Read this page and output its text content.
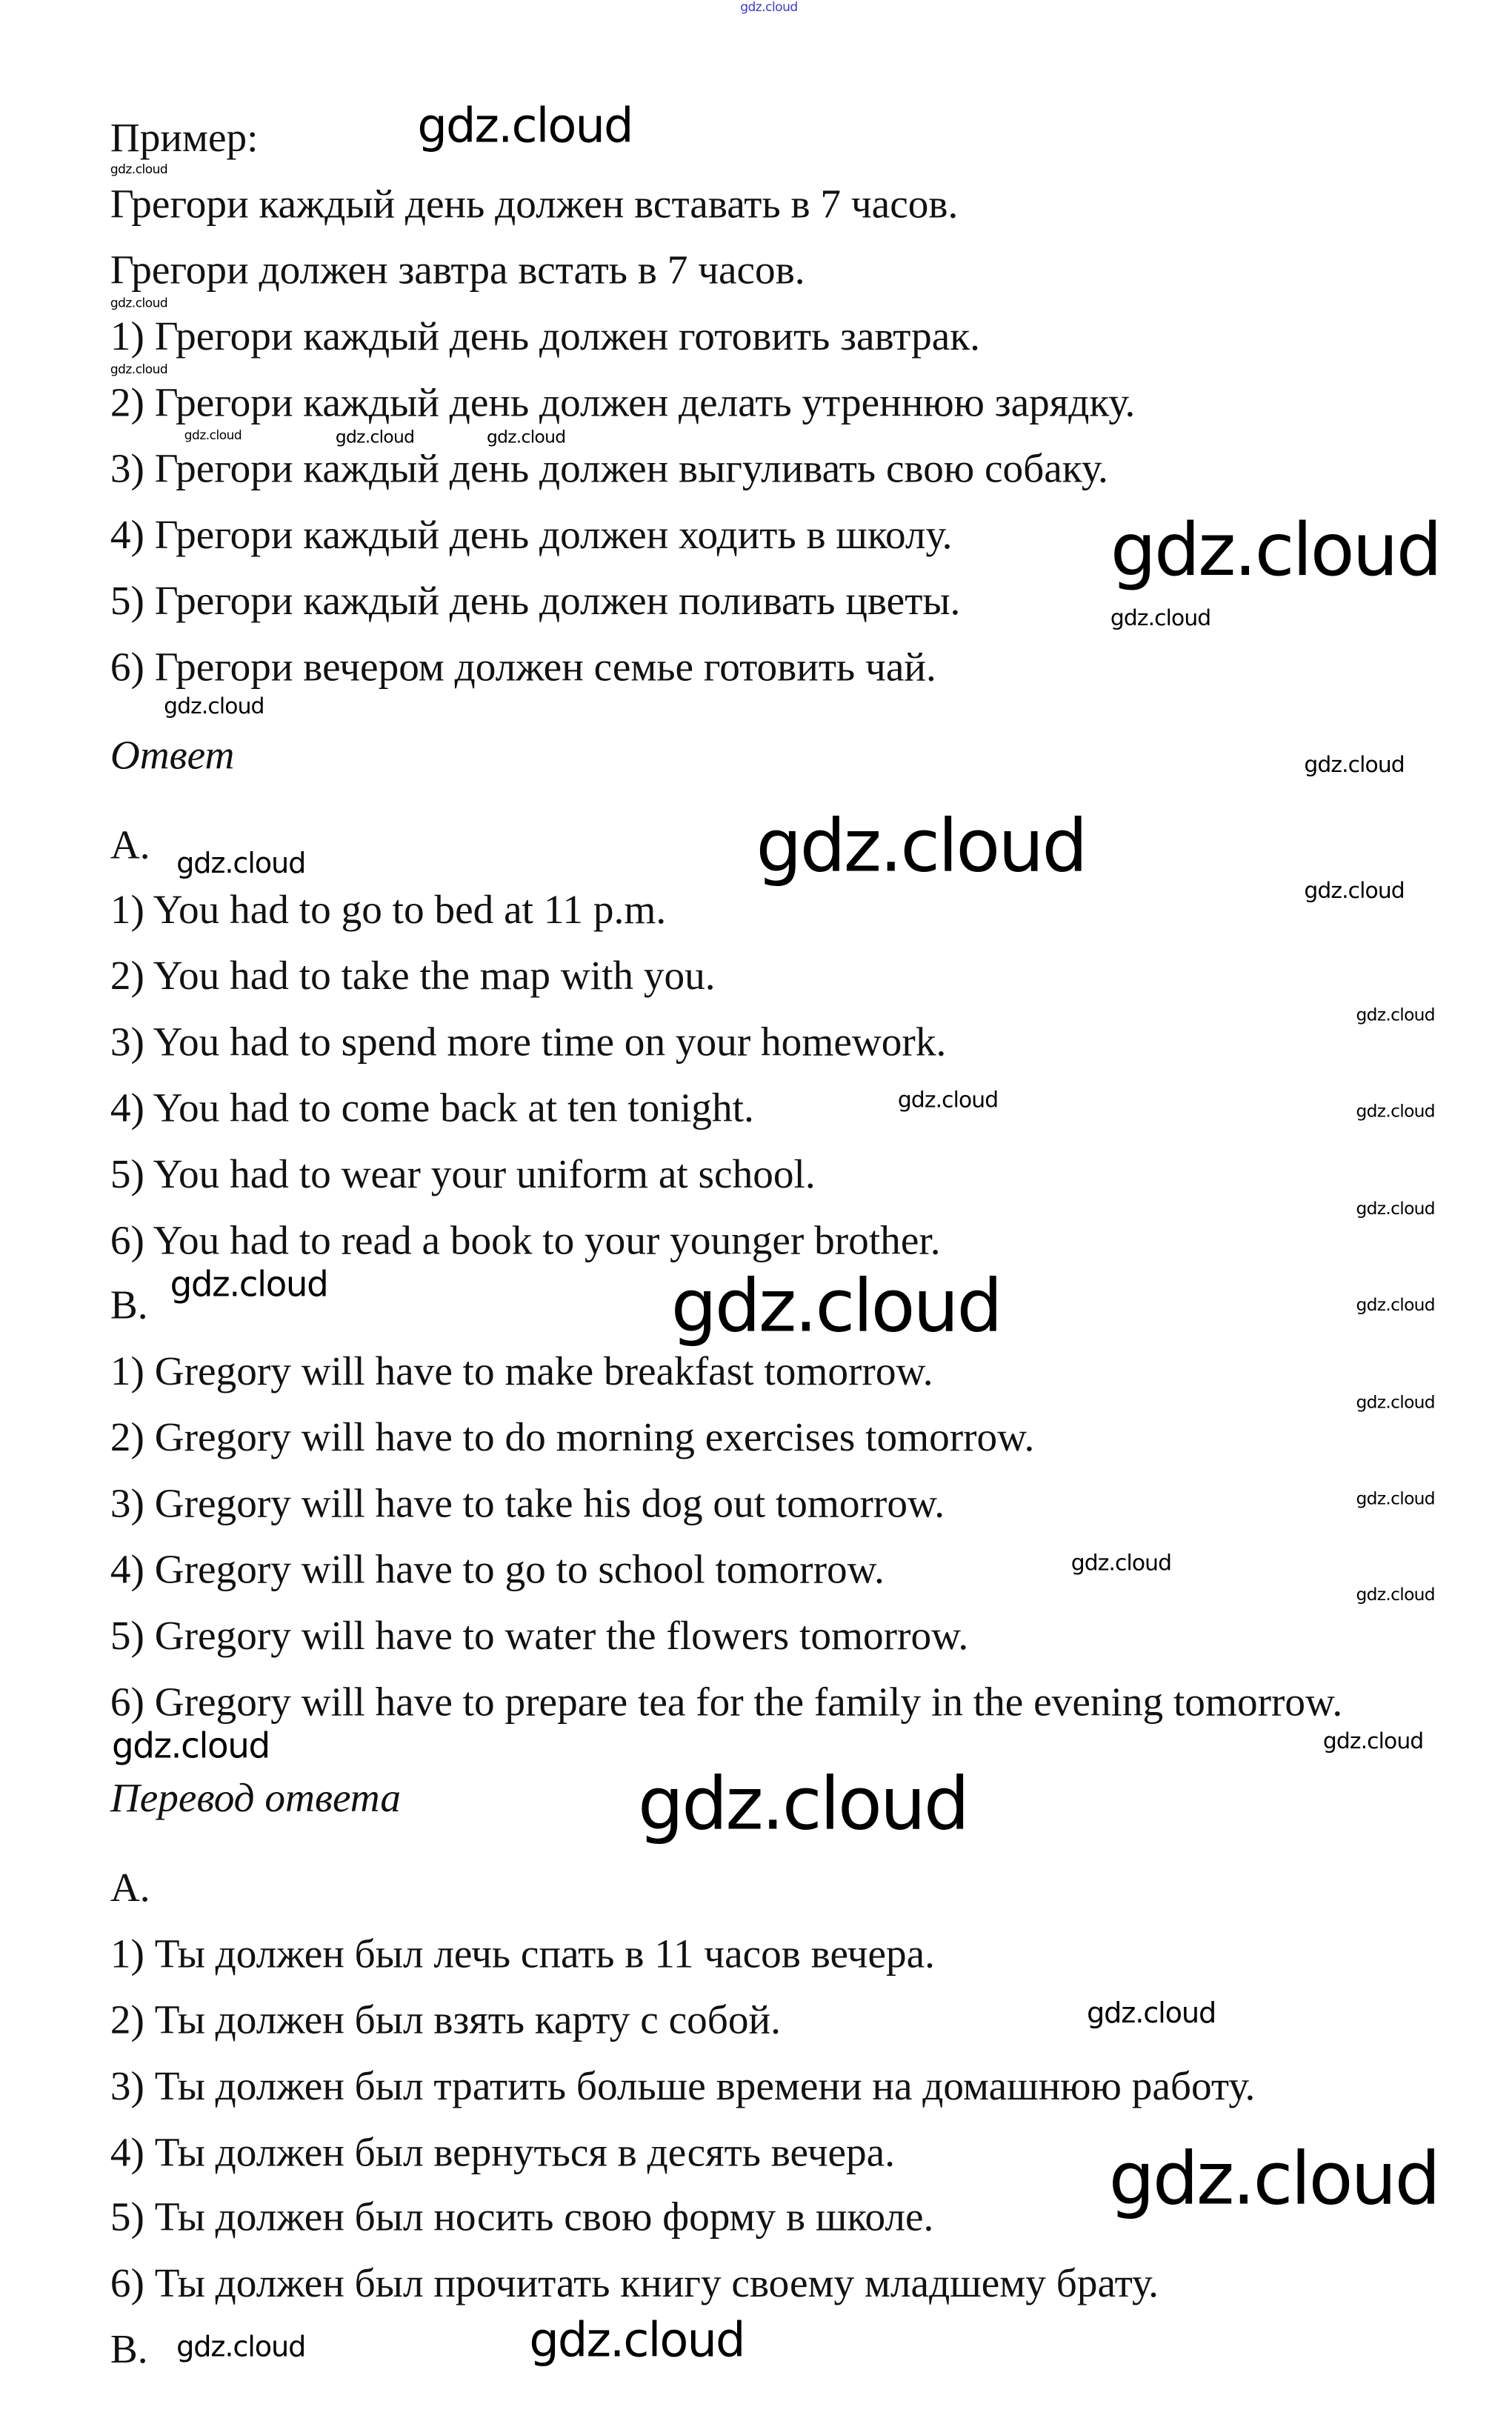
Пример:
Грегори каждый день должен вставать в 7 часов.
Грегори должен завтра встать в 7 часов.
1) Грегори каждый день должен готовить завтрак.
2) Грегори каждый день должен делать утреннюю зарядку.
3) Грегори каждый день должен выгуливать свою собаку.
4) Грегори каждый день должен ходить в школу.
5) Грегори каждый день должен поливать цветы.
6) Грегори вечером должен семье готовить чай.
Ответ
A.
1) You had to go to bed at 11 p.m.
2) You had to take the map with you.
3) You had to spend more time on your homework.
4) You had to come back at ten tonight.
5) You had to wear your uniform at school.
6) You had to read a book to your younger brother.
B.
1) Gregory will have to make breakfast tomorrow.
2) Gregory will have to do morning exercises tomorrow.
3) Gregory will have to take his dog out tomorrow.
4) Gregory will have to go to school tomorrow.
5) Gregory will have to water the flowers tomorrow.
6) Gregory will have to prepare tea for the family in the evening tomorrow.
Перевод ответа
A.
1) Ты должен был лечь спать в 11 часов вечера.
2) Ты должен был взять карту с собой.
3) Ты должен был тратить больше времени на домашнюю работу.
4) Ты должен был вернуться в десять вечера.
5) Ты должен был носить свою форму в школе.
6) Ты должен был прочитать книгу своему младшему брату.
B.
gdz.cloud
gdz.cloud
gdz.cloud
gdz.cloud
gdz.cloud
gdz.cloud
gdz.cloud	gdz.cloud	gdz.cloud
gdz.cloud
gdz.cloud
gdz.cloud
gdz.cloud	gdz.cloud
gdz.cloud
gdz.cloud
gdz.cloud	gdz.cloud
gdz.cloud
gdz.cloud	gdz.cloud	gdz.cloud
gdz.cloud
gdz.cloud
gdz.cloud
gdz.cloud
gdz.cloud
gdz.cloud
gdz.cloud
gdz.cloud
gdz.cloud
gdz.cloud	gdz.cloud
